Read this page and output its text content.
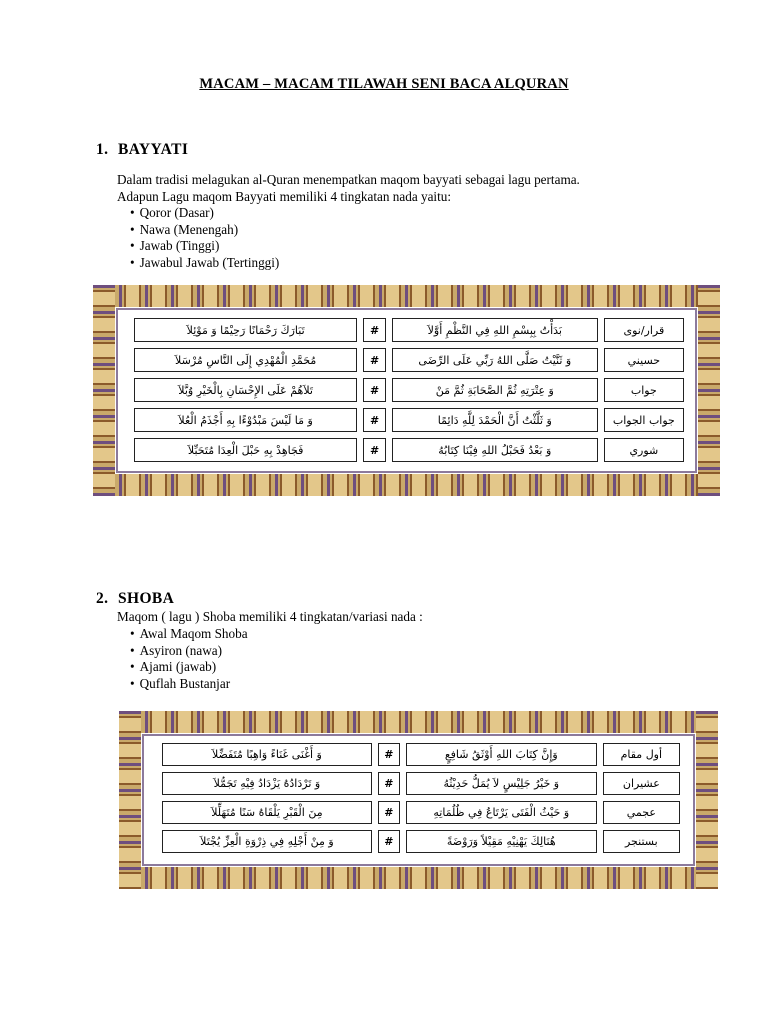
MACAM – MACAM TILAWAH SENI BACA ALQURAN
1. BAYYATI
Dalam tradisi melagukan al-Quran menempatkan maqom bayyati sebagai lagu pertama.
Adapun Lagu maqom Bayyati memiliki 4 tingkatan nada yaitu:
• Qoror (Dasar)
• Nawa (Menengah)
• Jawab (Tinggi)
• Jawabul Jawab (Tertinggi)
تَبَارَكَ رَحْمَانًا رَحِيْمًا وَ مَوْئِلاَ	#	بَدَأْتُ بِبِسْمِ اللهِ فِي النَّظْمِ أَوَّلاَ	قرار/نوى
مُحَمَّدِ الْمُهْدِي إِلَى النَّاسِ مُرْسَلاَ	#	وَ ثَنَّيْتُ صَلَّى اللهُ رَبِّي عَلَى الرِّضَى	حسيني
تَلاَهُمْ عَلَى الإِحْسَانِ بِالْخَيْرِ وُبَّلاَ	#	وَ عِتْرَتِهِ ثُمَّ الصَّحَابَةِ ثُمَّ مَنْ	جواب
وَ مَا لَيْسَ مَبْدُوْءًا بِهِ أَجْذَمُ الْعُلاَ	#	وَ ثَلَّثْتُ أَنَّ الْحَمْدَ لِلَّهِ دَائِمًا	جواب الجواب
فَجَاهِدْ بِهِ حَبْلَ الْعِدَا مُتَحَبِّلاَ	#	وَ بَعْدُ فَحَبْلُ اللهِ فِيْنَا كِتَابُهُ	شوري
2. SHOBA
Maqom ( lagu ) Shoba memiliki 4 tingkatan/variasi nada :
• Awal Maqom Shoba
• Asyiron (nawa)
• Ajami (jawab)
• Quflah Bustanjar
وَ أَغْنَى غَنَاءً وَاهِبًا مُتَفَضِّلاَ	#	وَإِنَّ كِتَابَ اللهِ أَوْثَقُ شَافِعٍ	أول مقام
وَ تَرْدَادُهُ يَزْدَادُ فِيْهِ تَجَمُّلاَ	#	وَ خَيْرُ جَلِيْسٍ لاَ يُمَلُّ حَدِيْثُهُ	عشيران
مِنَ الْقَبْرِ يَلْقَاهُ سَنًا مُتَهَلِّلاَ	#	وَ حَيْثُ الْفَتَى يَرْتَاعُ فِي ظُلُمَاتِهِ	عجمي
وَ مِنْ أَجْلِهِ فِي ذِرْوَةِ الْعِزِّ يُجْتَلاَ	#	هُنَالِكَ يَهْنِيْهِ مَقِيْلاً وَرَوْضَةً	بستنجر
